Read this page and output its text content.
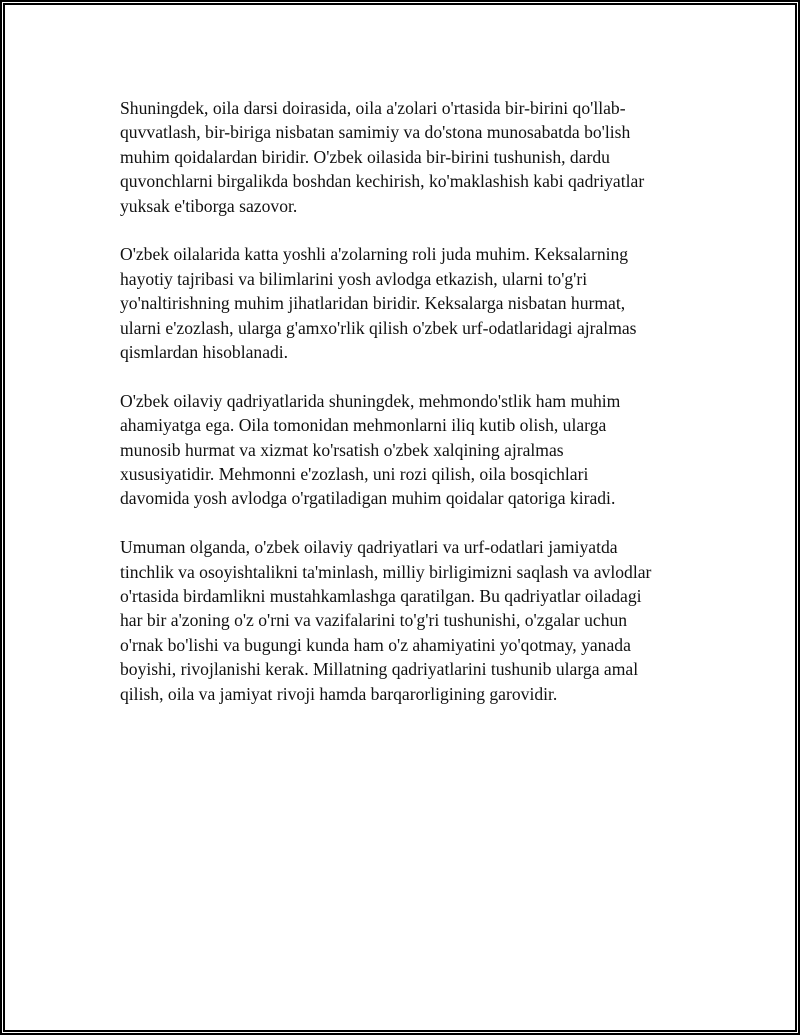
Shuningdek, oila darsi doirasida, oila a'zolari o'rtasida bir-birini qo'llab-
quvvatlash, bir-biriga nisbatan samimiy va do'stona munosabatda bo'lish
muhim qoidalardan biridir. O'zbek oilasida bir-birini tushunish, dardu
quvonchlarni birgalikda boshdan kechirish, ko'maklashish kabi qadriyatlar
yuksak e'tiborga sazovor.

O'zbek oilalarida katta yoshli a'zolarning roli juda muhim. Keksalarning
hayotiy tajribasi va bilimlarini yosh avlodga etkazish, ularni to'g'ri
yo'naltirishning muhim jihatlaridan biridir. Keksalarga nisbatan hurmat,
ularni e'zozlash, ularga g'amxo'rlik qilish o'zbek urf-odatlaridagi ajralmas
qismlardan hisoblanadi.

O'zbek oilaviy qadriyatlarida shuningdek, mehmondo'stlik ham muhim
ahamiyatga ega. Oila tomonidan mehmonlarni iliq kutib olish, ularga
munosib hurmat va xizmat ko'rsatish o'zbek xalqining ajralmas
xususiyatidir. Mehmonni e'zozlash, uni rozi qilish, oila bosqichlari
davomida yosh avlodga o'rgatiladigan muhim qoidalar qatoriga kiradi.

Umuman olganda, o'zbek oilaviy qadriyatlari va urf-odatlari jamiyatda
tinchlik va osoyishtalikni ta'minlash, milliy birligimizni saqlash va avlodlar
o'rtasida birdamlikni mustahkamlashga qaratilgan. Bu qadriyatlar oiladagi
har bir a'zoning o'z o'rni va vazifalarini to'g'ri tushunishi, o'zgalar uchun
o'rnak bo'lishi va bugungi kunda ham o'z ahamiyatini yo'qotmay, yanada
boyishi, rivojlanishi kerak. Millatning qadriyatlarini tushunib ularga amal
qilish, oila va jamiyat rivoji hamda barqarorligining garovidir.
